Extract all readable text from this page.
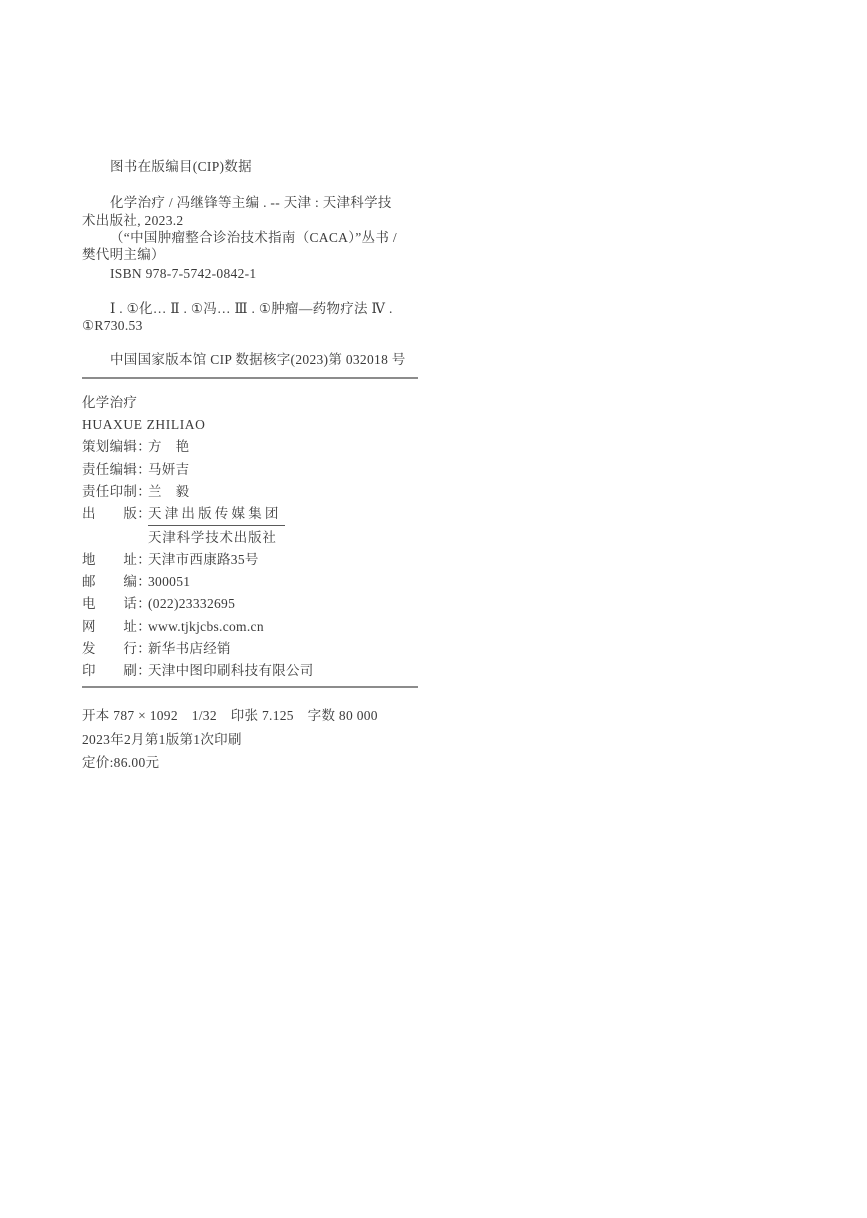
图书在版编目(CIP)数据

化学治疗 / 冯继锋等主编 . -- 天津 : 天津科学技

术出版社, 2023.2

（“中国肿瘤整合诊治技术指南（CACA）”丛书 /

樊代明主编）

ISBN 978-7-5742-0842-1

Ⅰ . ①化… Ⅱ . ①冯… Ⅲ . ①肿瘤—药物疗法 Ⅳ .

①R730.53

中国国家版本馆 CIP 数据核字(2023)第 032018 号

化学治疗

HUAXUE ZHILIAO

策划编辑：
方　艳
责任编辑：
马妍吉
责任印制：
兰　毅
出　　版：
天津出版传媒集团
天津科学技术出版社
地　　址：
天津市西康路35号
邮　　编：
300051
电　　话：
(022)23332695
网　　址：
www.tjkjcbs.com.cn
发　　行：
新华书店经销
印　　刷：
天津中图印刷科技有限公司

开本 787 × 1092　1/32　印张 7.125　字数 80 000

2023年2月第1版第1次印刷

定价:86.00元
